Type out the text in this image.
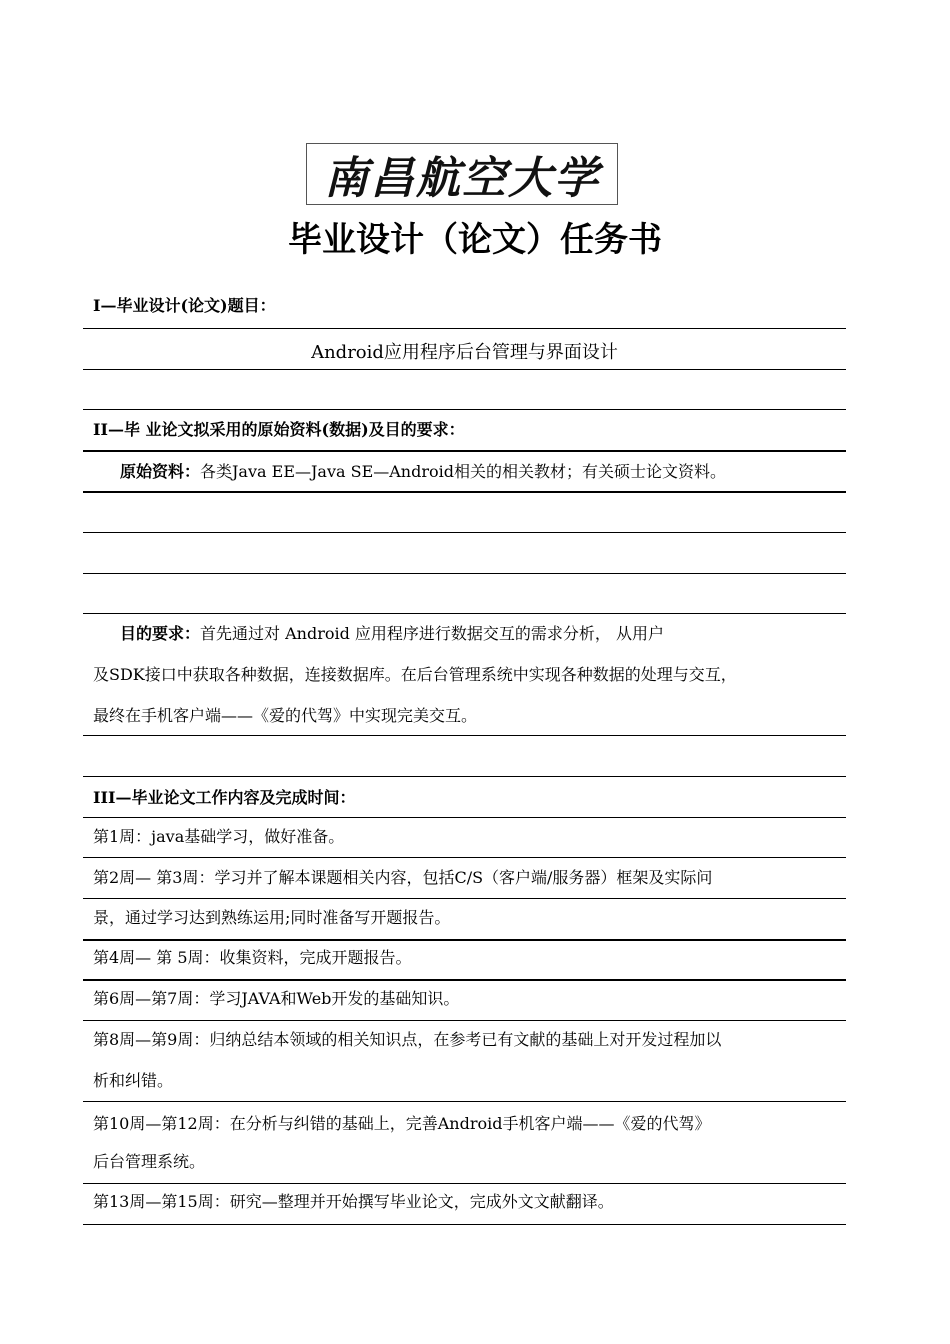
南昌航空大学
毕业设计（论文）任务书
I—毕业设计(论文)题目：
Android应用程序后台管理与界面设计
II—毕 业论文拟采用的原始资料(数据)及目的要求：
原始资料：各类Java EE—Java SE—Android相关的相关教材；有关硕士论文资料。
目的要求：首先通过对 Android 应用程序进行数据交互的需求分析， 从用户
及SDK接口中获取各种数据，连接数据库。在后台管理系统中实现各种数据的处理与交互，
最终在手机客户端——《爱的代驾》中实现完美交互。
III—毕业论文工作内容及完成时间：
第1周：java基础学习，做好准备。
第2周— 第3周：学习并了解本课题相关内容，包括C/S（客户端/服务器）框架及实际问
景，通过学习达到熟练运用;同时准备写开题报告。
第4周— 第 5周：收集资料，完成开题报告。
第6周—第7周：学习JAVA和Web开发的基础知识。
第8周—第9周：归纳总结本领域的相关知识点，在参考已有文献的基础上对开发过程加以
析和纠错。
第10周—第12周：在分析与纠错的基础上，完善Android手机客户端——《爱的代驾》
后台管理系统。
第13周—第15周：研究—整理并开始撰写毕业论文，完成外文文献翻译。
